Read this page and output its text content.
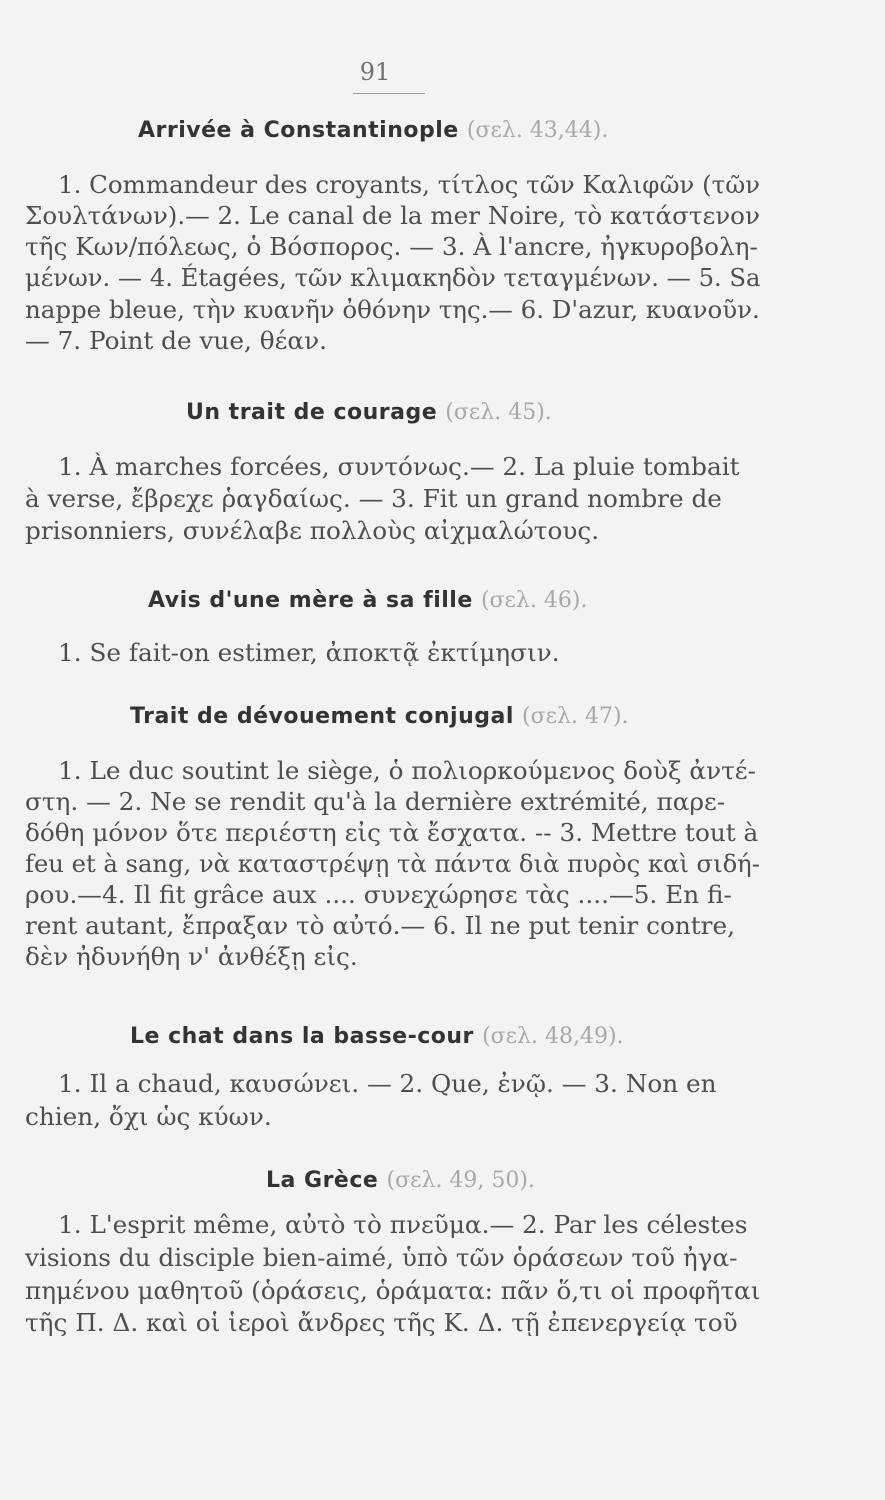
91
Arrivée à Constantinople (σελ. 43,44).
1. Commandeur des croyants, τίτλος τῶν Καλιφῶν (τῶν
Σουλτάνων).— 2. Le canal de la mer Noire, τὸ κατάστενον
τῆς Κων/πόλεως, ὁ Βόσπορος. — 3. À l'ancre, ἠγκυροβολη-
μένων. — 4. Étagées, τῶν κλιμακηδὸν τεταγμένων. — 5. Sa
nappe bleue, τὴν κυανῆν ὀθόνην της.— 6. D'azur, κυανοῦν.
— 7. Point de vue, θέαν.
Un trait de courage (σελ. 45).
1. À marches forcées, συντόνως.— 2. La pluie tombait
à verse, ἔβρεχε ῥαγδαίως. — 3. Fit un grand nombre de
prisonniers, συνέλαβε πολλοὺς αἰχμαλώτους.
Avis d'une mère à sa fille (σελ. 46).
1. Se fait-on estimer, ἀποκτᾷ ἐκτίμησιν.
Trait de dévouement conjugal (σελ. 47).
1. Le duc soutint le siège, ὁ πολιορκούμενος δοὺξ ἀντέ-
στη. — 2. Ne se rendit qu'à la dernière extrémité, παρε-
δόθη μόνον ὅτε περιέστη εἰς τὰ ἔσχατα. -- 3. Mettre tout à
feu et à sang, νὰ καταστρέψῃ τὰ πάντα διὰ πυρὸς καὶ σιδή-
ρου.—4. Il fit grâce aux .... συνεχώρησε τὰς ....—5. En fi-
rent autant, ἔπραξαν τὸ αὐτό.— 6. Il ne put tenir contre,
δὲν ἠδυνήθη ν' ἀνθέξῃ εἰς.
Le chat dans la basse-cour (σελ. 48,49).
1. Il a chaud, καυσώνει. — 2. Que, ἐνῷ. — 3. Non en
chien, ὄχι ὡς κύων.
La Grèce (σελ. 49, 50).
1. L'esprit même, αὐτὸ τὸ πνεῦμα.— 2. Par les célestes
visions du disciple bien-aimé, ὑπὸ τῶν ὁράσεων τοῦ ἠγα-
πημένου μαθητοῦ (ὁράσεις, ὁράματα: πᾶν ὅ,τι οἱ προφῆται
τῆς Π. Δ. καὶ οἱ ἱεροὶ ἄνδρες τῆς Κ. Δ. τῇ ἐπενεργείᾳ τοῦ
